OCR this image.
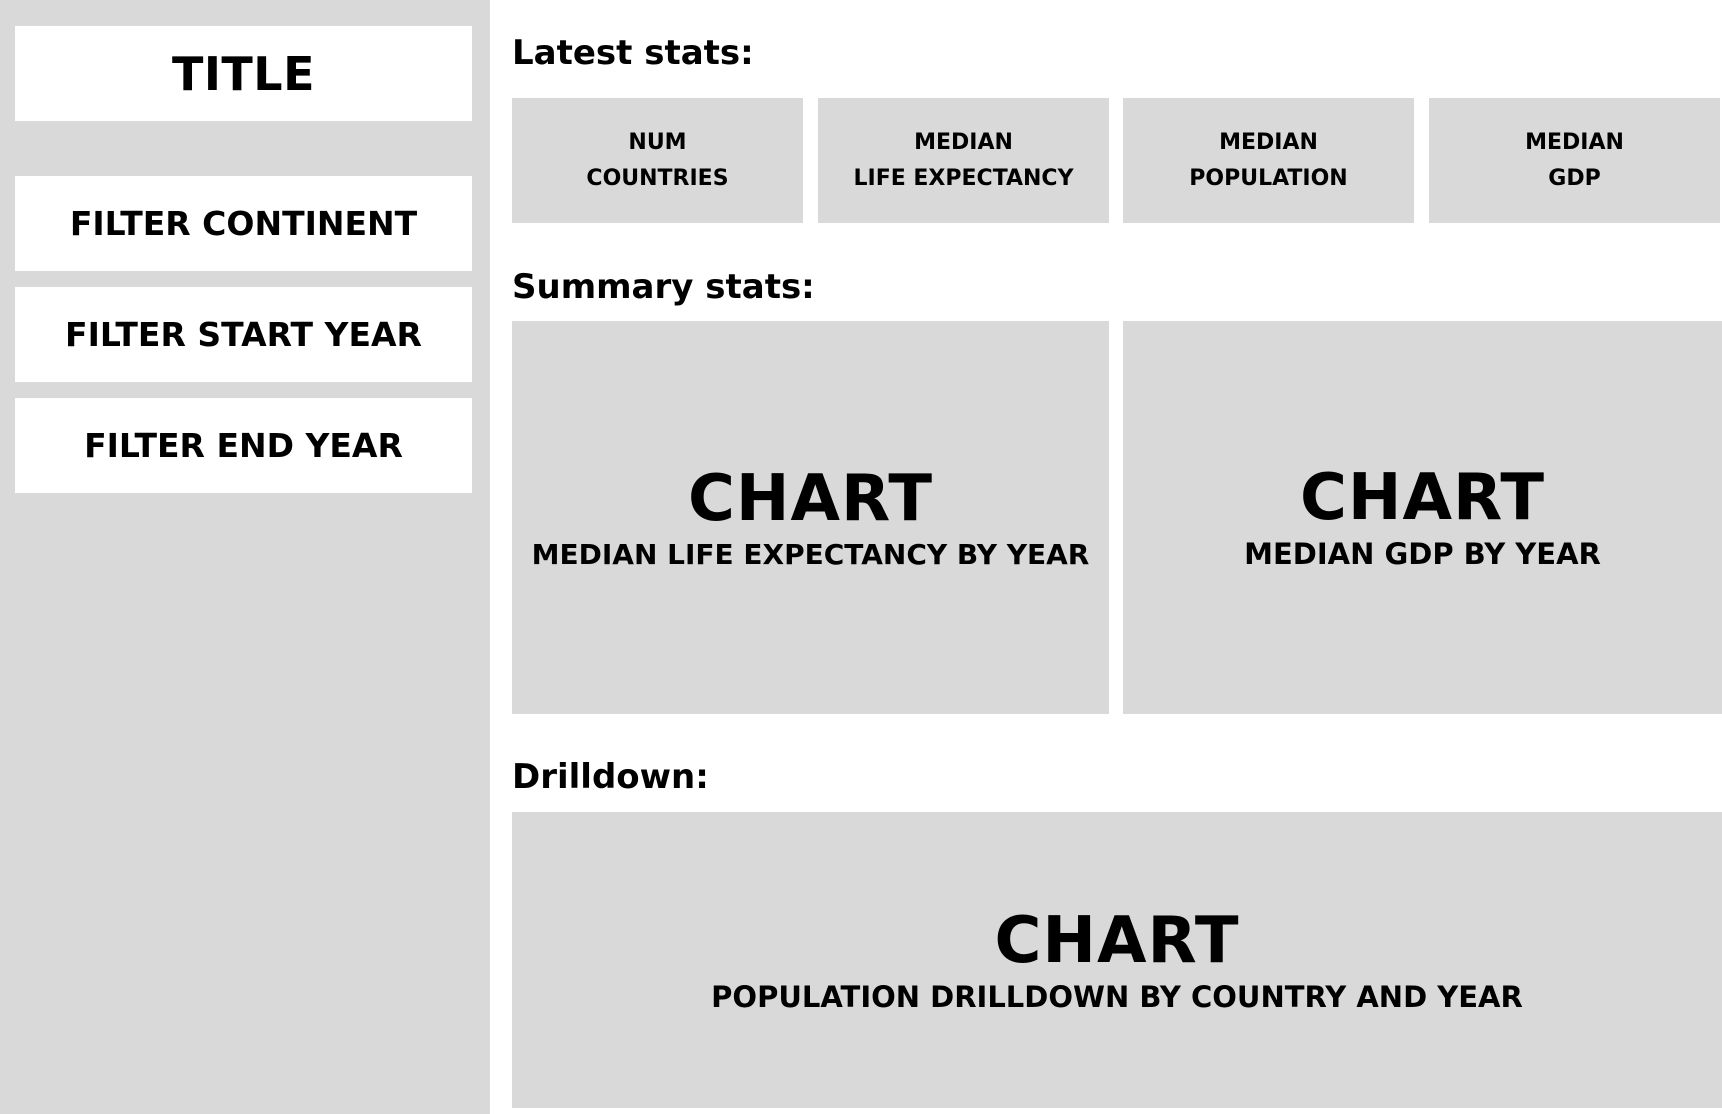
TITLE
FILTER CONTINENT
FILTER START YEAR
FILTER END YEAR
Latest stats:
NUM
COUNTRIES
MEDIAN
LIFE EXPECTANCY
MEDIAN
POPULATION
MEDIAN
GDP
Summary stats:
CHART
MEDIAN LIFE EXPECTANCY BY YEAR
CHART
MEDIAN GDP BY YEAR
Drilldown:
CHART
POPULATION DRILLDOWN BY COUNTRY AND YEAR
